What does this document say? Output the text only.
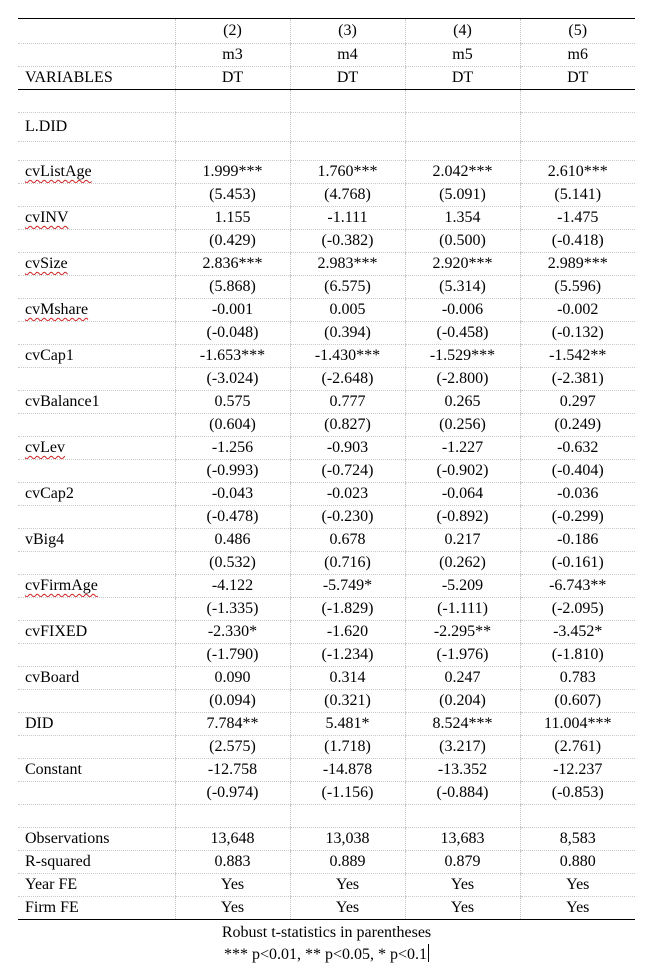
	(2)	(3)	(4)	(5)
	m3	m4	m5	m6
VARIABLES	DT	DT	DT	DT

L.DID				

cvListAge	1.999***	1.760***	2.042***	2.610***
	(5.453)	(4.768)	(5.091)	(5.141)
cvINV	1.155	-1.111	1.354	-1.475
	(0.429)	(-0.382)	(0.500)	(-0.418)
cvSize	2.836***	2.983***	2.920***	2.989***
	(5.868)	(6.575)	(5.314)	(5.596)
cvMshare	-0.001	0.005	-0.006	-0.002
	(-0.048)	(0.394)	(-0.458)	(-0.132)
cvCap1	-1.653***	-1.430***	-1.529***	-1.542**
	(-3.024)	(-2.648)	(-2.800)	(-2.381)
cvBalance1	0.575	0.777	0.265	0.297
	(0.604)	(0.827)	(0.256)	(0.249)
cvLev	-1.256	-0.903	-1.227	-0.632
	(-0.993)	(-0.724)	(-0.902)	(-0.404)
cvCap2	-0.043	-0.023	-0.064	-0.036
	(-0.478)	(-0.230)	(-0.892)	(-0.299)
vBig4	0.486	0.678	0.217	-0.186
	(0.532)	(0.716)	(0.262)	(-0.161)
cvFirmAge	-4.122	-5.749*	-5.209	-6.743**
	(-1.335)	(-1.829)	(-1.111)	(-2.095)
cvFIXED	-2.330*	-1.620	-2.295**	-3.452*
	(-1.790)	(-1.234)	(-1.976)	(-1.810)
cvBoard	0.090	0.314	0.247	0.783
	(0.094)	(0.321)	(0.204)	(0.607)
DID	7.784**	5.481*	8.524***	11.004***
	(2.575)	(1.718)	(3.217)	(2.761)
Constant	-12.758	-14.878	-13.352	-12.237
	(-0.974)	(-1.156)	(-0.884)	(-0.853)

Observations	13,648	13,038	13,683	8,583
R-squared	0.883	0.889	0.879	0.880
Year FE	Yes	Yes	Yes	Yes
Firm FE	Yes	Yes	Yes	Yes
Robust t-statistics in parentheses
*** p<0.01, ** p<0.05, * p<0.1
